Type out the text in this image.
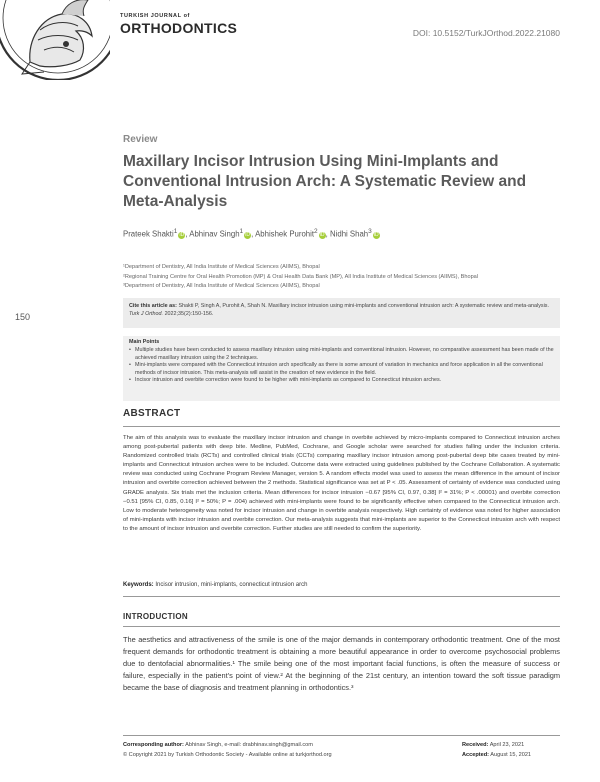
TURKISH JOURNAL of
ORTHODONTICS	DOI: 10.5152/TurkJOrthod.2022.21080
150
Review
Maxillary Incisor Intrusion Using Mini-Implants and Conventional Intrusion Arch: A Systematic Review and Meta-Analysis
Prateek Shakti$^1$ iD, Abhinav Singh$^1$ iD, Abhishek Purohit$^2$ iD, Nidhi Shah$^3$ iD
¹Department of Dentistry, All India Institute of Medical Sciences (AIIMS), Bhopal
²Regional Training Centre for Oral Health Promotion (MP) & Oral Health Data Bank (MP), All India Institute of Medical Sciences (AIIMS), Bhopal
³Department of Dentistry, All India Institute of Medical Sciences (AIIMS), Bhopal
Cite this article as: Shakti P, Singh A, Purohit A, Shah N. Maxillary incisor intrusion using mini-implants and conventional intrusion arch: A systematic review and meta-analysis. Turk J Orthod. 2022;35(2):150-156.
Main Points
• Multiple studies have been conducted to assess maxillary intrusion using mini-implants and conventional intrusion. However, no comparative assessment has been made of the achieved maxillary intrusion using the 2 techniques.
• Mini-implants were compared with the Connecticut intrusion arch specifically as there is some amount of variation in mechanics and force application in all the conventional methods of incisor intrusion. This meta-analysis will assist in the creation of new evidence in the field.
• Incisor intrusion and overbite correction were found to be higher with mini-implants as compared to Connecticut intrusion arches.
ABSTRACT
The aim of this analysis was to evaluate the maxillary incisor intrusion and change in overbite achieved by micro-implants compared to Connecticut intrusion arches among post-pubertal patients with deep bite. Medline, PubMed, Cochrane, and Google scholar were searched for studies falling under the inclusion criteria. Randomized controlled trials (RCTs) and controlled clinical trials (CCTs) comparing maxillary incisor intrusion among post-pubertal deep bite cases treated by mini-implants and Connecticut intrusion arches were to be included. Outcome data were extracted using guidelines published by the Cochrane Collaboration. A systematic review was conducted using Cochrane Program Review Manager, version 5. A random effects model was used to assess the mean difference in the amount of incisor intrusion and overbite correction achieved between the 2 methods. Statistical significance was set at P < .05. Assessment of certainty of evidence was conducted using GRADE analysis. Six trials met the inclusion criteria. Mean differences for incisor intrusion −0.67 [95% CI, 0.97, 0.38] I² = 31%; P < .00001) and overbite correction −0.51 [95% CI, 0.85, 0.16] I² = 50%; P = .004) achieved with mini-implants were found to be significantly effective when compared to the Connecticut intrusion arch. Low to moderate heterogeneity was noted for incisor intrusion and change in overbite analysis respectively. High certainty of evidence was noted for higher association of mini-implants with incisor intrusion and overbite correction. Our meta-analysis suggests that mini-implants are superior to the Connecticut intrusion arch with respect to the amount of incisor intrusion and overbite correction. Further studies are still needed to confirm the superiority.
Keywords: Incisor intrusion, mini-implants, connecticut intrusion arch
INTRODUCTION
The aesthetics and attractiveness of the smile is one of the major demands in contemporary orthodontic treatment. One of the most frequent demands for orthodontic treatment is obtaining a more beautiful appearance in order to overcome psychosocial problems due to dentofacial abnormalities.¹ The smile being one of the most important facial functions, is often the measure of success or failure, especially in the patient's point of view.² At the beginning of the 21st century, an intention toward the soft tissue paradigm became the base of diagnosis and treatment planning in orthodontics.³
Corresponding author: Abhinav Singh, e-mail: drabhinav.singh@gmail.com
© Copyright 2021 by Turkish Orthodontic Society - Available online at turkjorthod.org
Received: April 23, 2021
Accepted: August 15, 2021
